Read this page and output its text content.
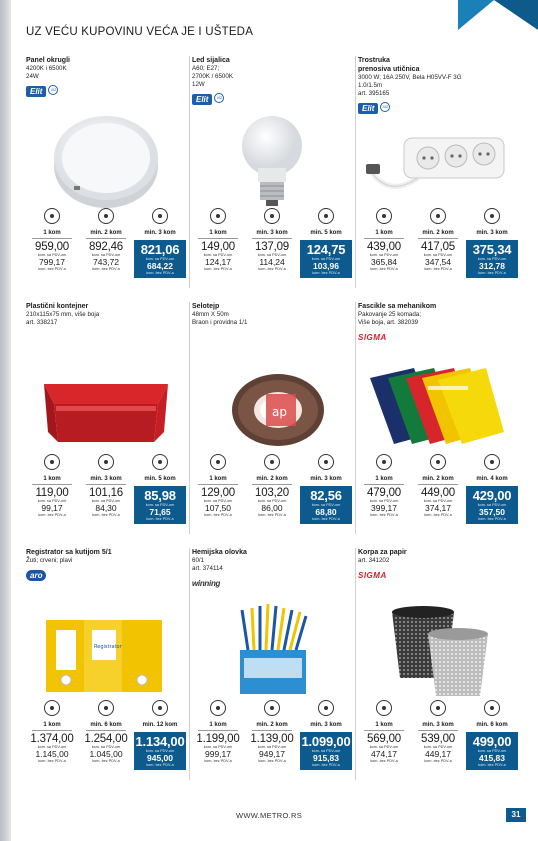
UZ VEĆU KUPOVINU VEĆA JE I UŠTEDA
Panel okrugli
4200K i 6500K
24W
Elit VIZ
1 kom
959,00
kom. sa PDV-om
799,17
kom. bez PDV-a
min. 2 kom
892,46
kom. sa PDV-om
743,72
kom. bez PDV-a
min. 3 kom
821,06
kom. sa PDV-om
684,22
kom. bez PDV-a
Led sijalica
A60; E27;
2700K / 6500K
12W
Elit VIZ
1 kom
149,00
kom. sa PDV-om
124,17
kom. bez PDV-a
min. 3 kom
137,09
kom. sa PDV-om
114,24
kom. bez PDV-a
min. 5 kom
124,75
kom. sa PDV-om
103,96
kom. bez PDV-a
Trostruka
prenosiva utičnica
3000 W; 16A 250V, Bela H05VV-F 3G
1.0/1.5m
art. 395165
Elit VIZ
1 kom
439,00
kom. sa PDV-om
365,84
kom. bez PDV-a
min. 2 kom
417,05
kom. sa PDV-om
347,54
kom. bez PDV-a
min. 3 kom
375,34
kom. sa PDV-om
312,78
kom. bez PDV-a
Plastični kontejner
210x115x75 mm, više boja
art. 338217
1 kom
119,00
kom. sa PDV-om
99,17
kom. bez PDV-a
min. 3 kom
101,16
kom. sa PDV-om
84,30
kom. bez PDV-a
min. 5 kom
85,98
kom. sa PDV-om
71,65
kom. bez PDV-a
Selotejp
48mm X 50m
Braon i providna 1/1
ap
1 kom
129,00
kom. sa PDV-om
107,50
kom. bez PDV-a
min. 2 kom
103,20
kom. sa PDV-om
86,00
kom. bez PDV-a
min. 3 kom
82,56
kom. sa PDV-om
68,80
kom. bez PDV-a
Fascikle sa mehanikom
Pakovanje 25 komada;
Više boja, art. 382039
SIGMA
1 kom
479,00
kom. sa PDV-om
399,17
kom. bez PDV-a
min. 2 kom
449,00
kom. sa PDV-om
374,17
kom. bez PDV-a
min. 4 kom
429,00
kom. sa PDV-om
357,50
kom. bez PDV-a
Registrator sa kutijom 5/1
Žuti; crveni; plavi
aro
Registrator
1 kom
1.374,00
kom. sa PDV-om
1.145,00
kom. bez PDV-a
min. 6 kom
1.254,00
kom. sa PDV-om
1.045,00
kom. bez PDV-a
min. 12 kom
1.134,00
kom. sa PDV-om
945,00
kom. bez PDV-a
Hemijska olovka
60/1
art. 374114
winning
1 kom
1.199,00
kom. sa PDV-om
999,17
kom. bez PDV-a
min. 2 kom
1.139,00
kom. sa PDV-om
949,17
kom. bez PDV-a
min. 3 kom
1.099,00
kom. sa PDV-om
915,83
kom. bez PDV-a
Korpa za papir
art. 341202
SIGMA
1 kom
569,00
kom. sa PDV-om
474,17
kom. bez PDV-a
min. 3 kom
539,00
kom. sa PDV-om
449,17
kom. bez PDV-a
min. 6 kom
499,00
kom. sa PDV-om
415,83
kom. bez PDV-a
WWW.METRO.RS	31
